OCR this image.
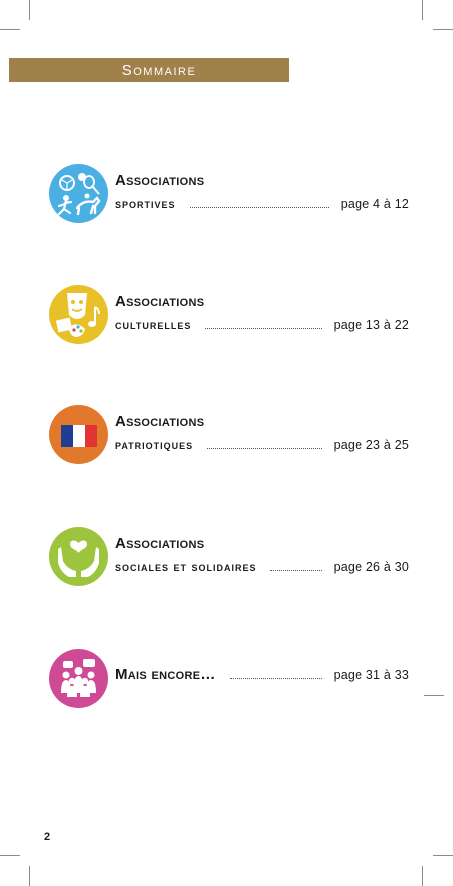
Sommaire
Associations
sportives	page 4 à 12
Associations
culturelles	page 13 à 22
Associations
patriotiques	page 23 à 25
Associations
sociales et solidaires	page 26 à 30
Mais encore…	page 31 à 33
2
